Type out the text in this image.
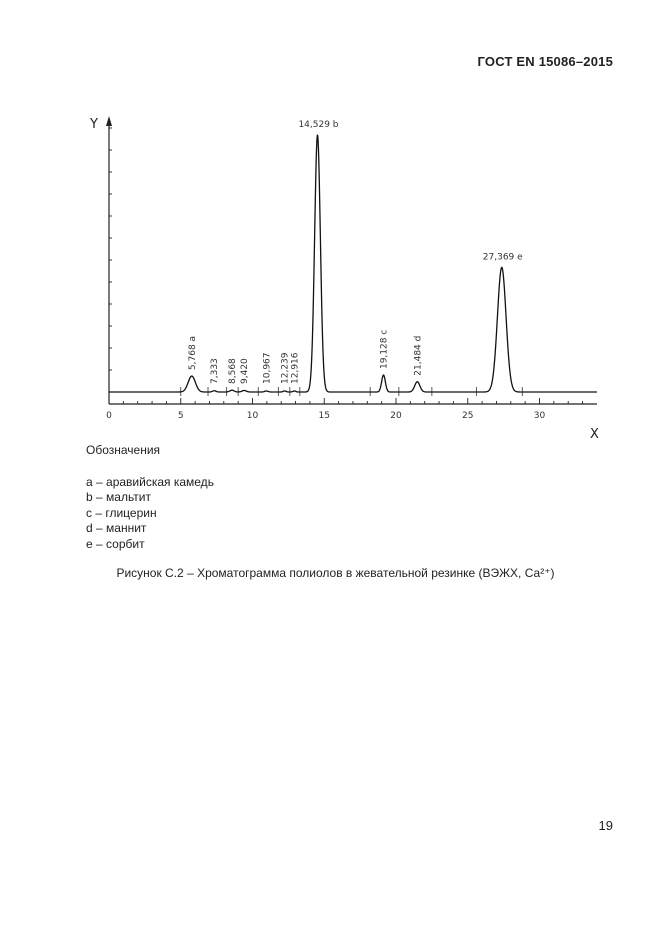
ГОСТ EN 15086–2015
0	5	10	15	20	25	30
5,768 a
7,333 8,568 9,420 10,967 12,239 12,916
14,529 b
19,128 c	21,484 d
27,369 e
Y
X
Обозначения
a – аравийская камедь
b – мальтит
c – глицерин
d – маннит
e – сорбит
Рисунок С.2 – Хроматограмма полиолов в жевательной резинке (ВЭЖХ, Са²⁺)
19
